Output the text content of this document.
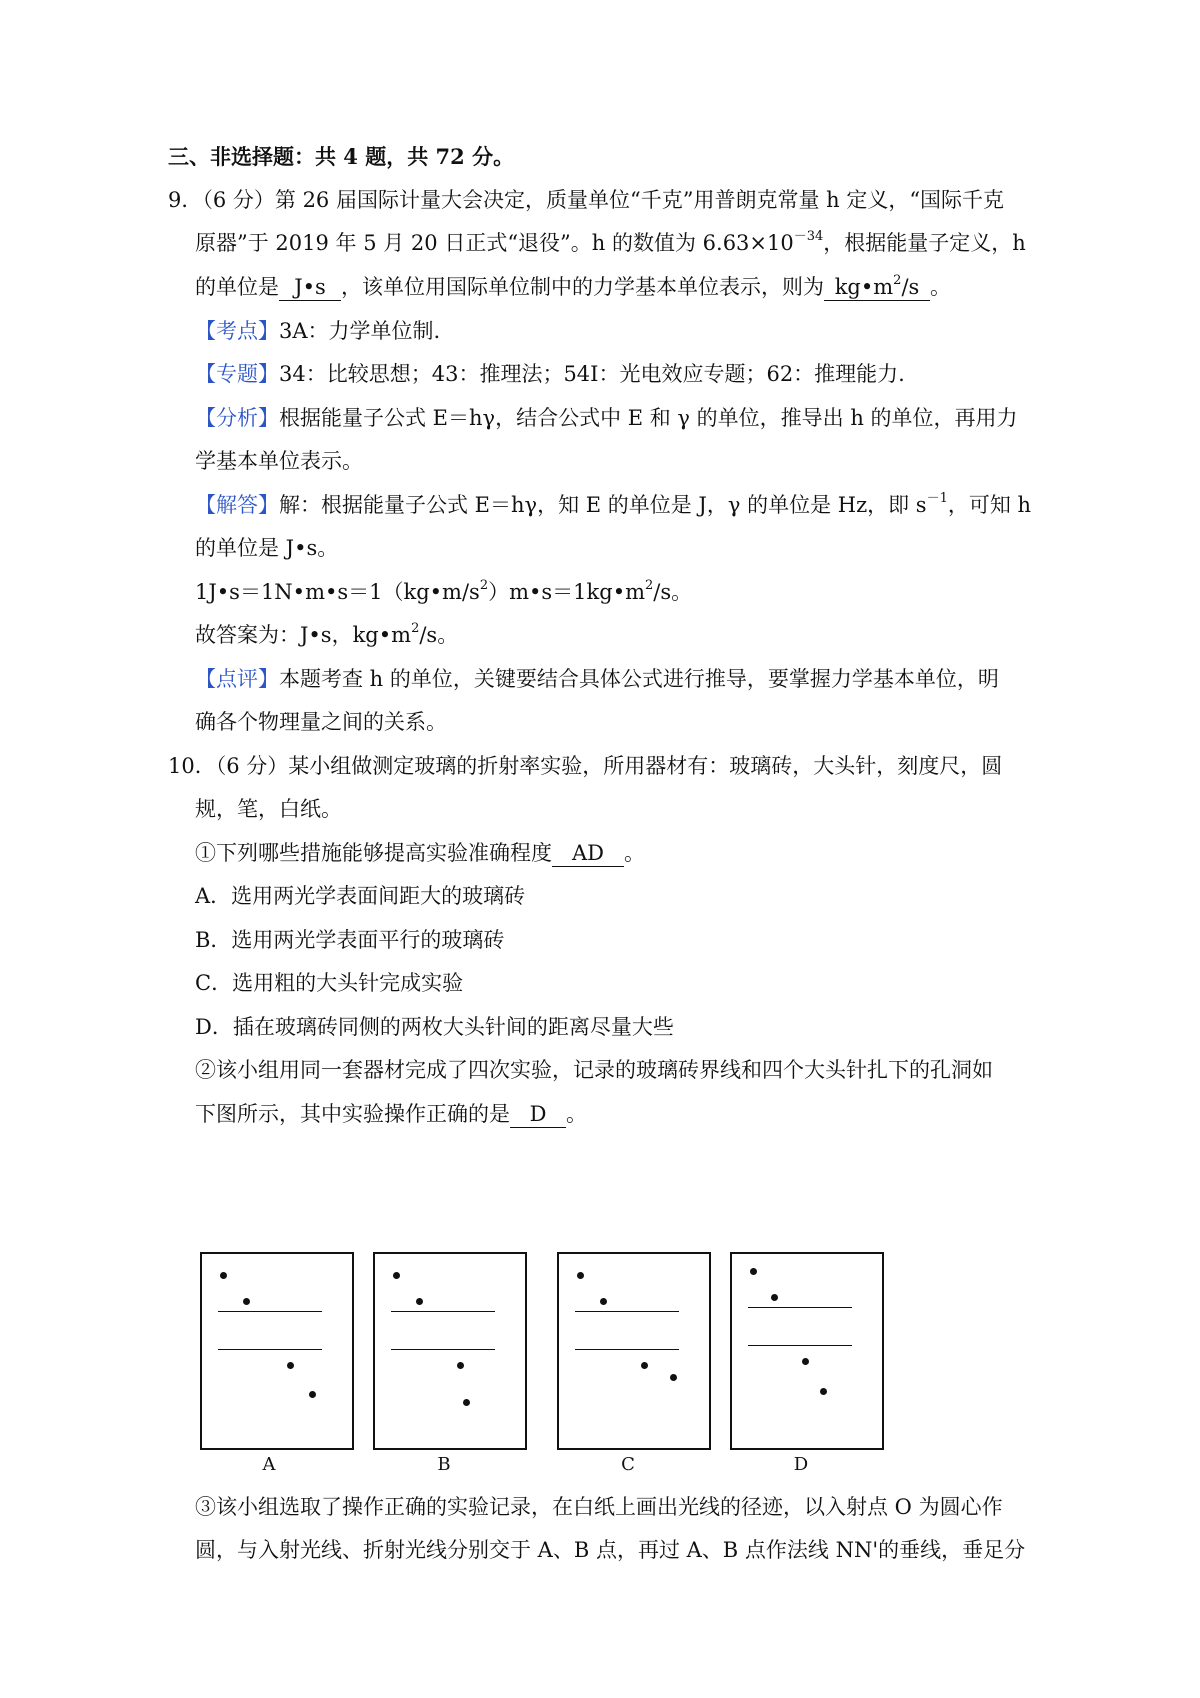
三、非选择题：共 4 题，共 72 分。
9．（6 分）第 26 届国际计量大会决定，质量单位“千克”用普朗克常量 h 定义，“国际千克
原器”于 2019 年 5 月 20 日正式“退役”。h 的数值为 $6.63\times 10^{-34}$，根据能量子定义，h
的单位是 J•s ，该单位用国际单位制中的力学基本单位表示，则为 $kg•m^2/s$ 。
【考点】3A：力学单位制.
【专题】34：比较思想；43：推理法；54I：光电效应专题；62：推理能力.
【分析】根据能量子公式 E＝hγ，结合公式中 E 和 γ 的单位，推导出 h 的单位，再用力
学基本单位表示。
【解答】解：根据能量子公式 E＝hγ，知 E 的单位是 J，γ 的单位是 Hz，即 $s^{-1}$，可知 h
的单位是 J•s。
$1J•s=1N•m•s=1(kg•m/s^2)m•s=1kg•m^2/s$。
故答案为：J•s，$kg•m^2/s$。
【点评】本题考查 h 的单位，关键要结合具体公式进行推导，要掌握力学基本单位，明
确各个物理量之间的关系。
10．（6 分）某小组做测定玻璃的折射率实验，所用器材有：玻璃砖，大头针，刻度尺，圆
规，笔，白纸。
①下列哪些措施能够提高实验准确程度 AD 。
A．选用两光学表面间距大的玻璃砖
B．选用两光学表面平行的玻璃砖
C．选用粗的大头针完成实验
D．插在玻璃砖同侧的两枚大头针间的距离尽量大些
②该小组用同一套器材完成了四次实验，记录的玻璃砖界线和四个大头针扎下的孔洞如
下图所示，其中实验操作正确的是 D 。
A	B	C	D
③该小组选取了操作正确的实验记录，在白纸上画出光线的径迹，以入射点 O 为圆心作
圆，与入射光线、折射光线分别交于 A、B 点，再过 A、B 点作法线 NN'的垂线，垂足分
